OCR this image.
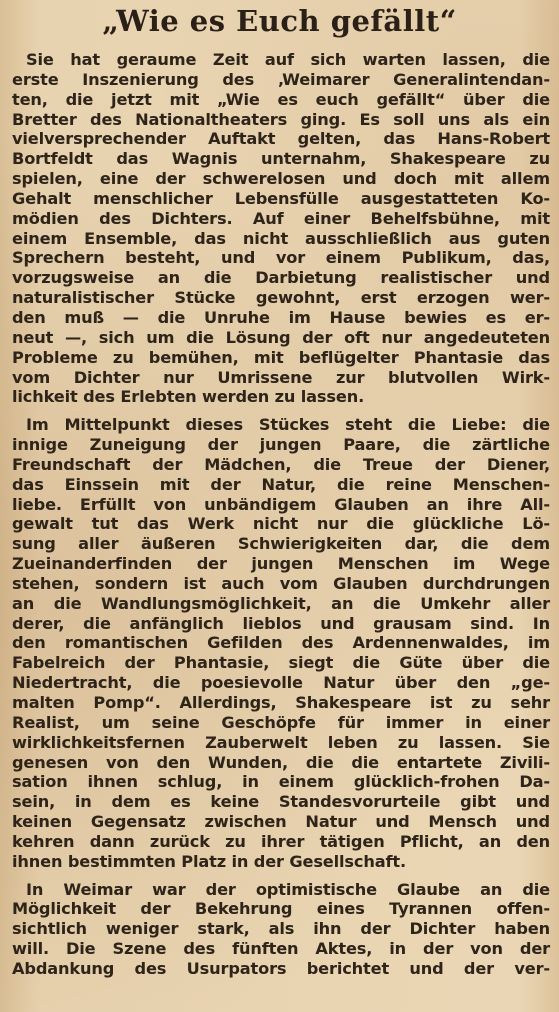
„Wie es Euch gefällt“
Sie hat geraume Zeit auf sich warten lassen, die
erste Inszenierung des ‚Weimarer Generalintendan-
ten, die jetzt mit „Wie es euch gefällt“ über die
Bretter des Nationaltheaters ging. Es soll uns als ein
vielversprechender Auftakt gelten, das Hans-Robert
Bortfeldt das Wagnis unternahm, Shakespeare zu
spielen, eine der schwerelosen und doch mit allem
Gehalt menschlicher Lebensfülle ausgestatteten Ko-
mödien des Dichters. Auf einer Behelfsbühne, mit
einem Ensemble, das nicht ausschließlich aus guten
Sprechern besteht, und vor einem Publikum, das,
vorzugsweise an die Darbietung realistischer und
naturalistischer Stücke gewohnt, erst erzogen wer-
den muß — die Unruhe im Hause bewies es er-
neut —, sich um die Lösung der oft nur angedeuteten
Probleme zu bemühen, mit beflügelter Phantasie das
vom Dichter nur Umrissene zur blutvollen Wirk-
lichkeit des Erlebten werden zu lassen.
Im Mittelpunkt dieses Stückes steht die Liebe: die
innige Zuneigung der jungen Paare, die zärtliche
Freundschaft der Mädchen, die Treue der Diener,
das Einssein mit der Natur, die reine Menschen-
liebe. Erfüllt von unbändigem Glauben an ihre All-
gewalt tut das Werk nicht nur die glückliche Lö-
sung aller äußeren Schwierigkeiten dar, die dem
Zueinanderfinden der jungen Menschen im Wege
stehen, sondern ist auch vom Glauben durchdrungen
an die Wandlungsmöglichkeit, an die Umkehr aller
derer, die anfänglich lieblos und grausam sind. In
den romantischen Gefilden des Ardennenwaldes, im
Fabelreich der Phantasie, siegt die Güte über die
Niedertracht, die poesievolle Natur über den „ge-
malten Pomp“. Allerdings, Shakespeare ist zu sehr
Realist, um seine Geschöpfe für immer in einer
wirklichkeitsfernen Zauberwelt leben zu lassen. Sie
genesen von den Wunden, die die entartete Zivili-
sation ihnen schlug, in einem glücklich-frohen Da-
sein, in dem es keine Standesvorurteile gibt und
keinen Gegensatz zwischen Natur und Mensch und
kehren dann zurück zu ihrer tätigen Pflicht, an den
ihnen bestimmten Platz in der Gesellschaft.
In Weimar war der optimistische Glaube an die
Möglichkeit der Bekehrung eines Tyrannen offen-
sichtlich weniger stark, als ihn der Dichter haben
will. Die Szene des fünften Aktes, in der von der
Abdankung des Usurpators berichtet und der ver-
